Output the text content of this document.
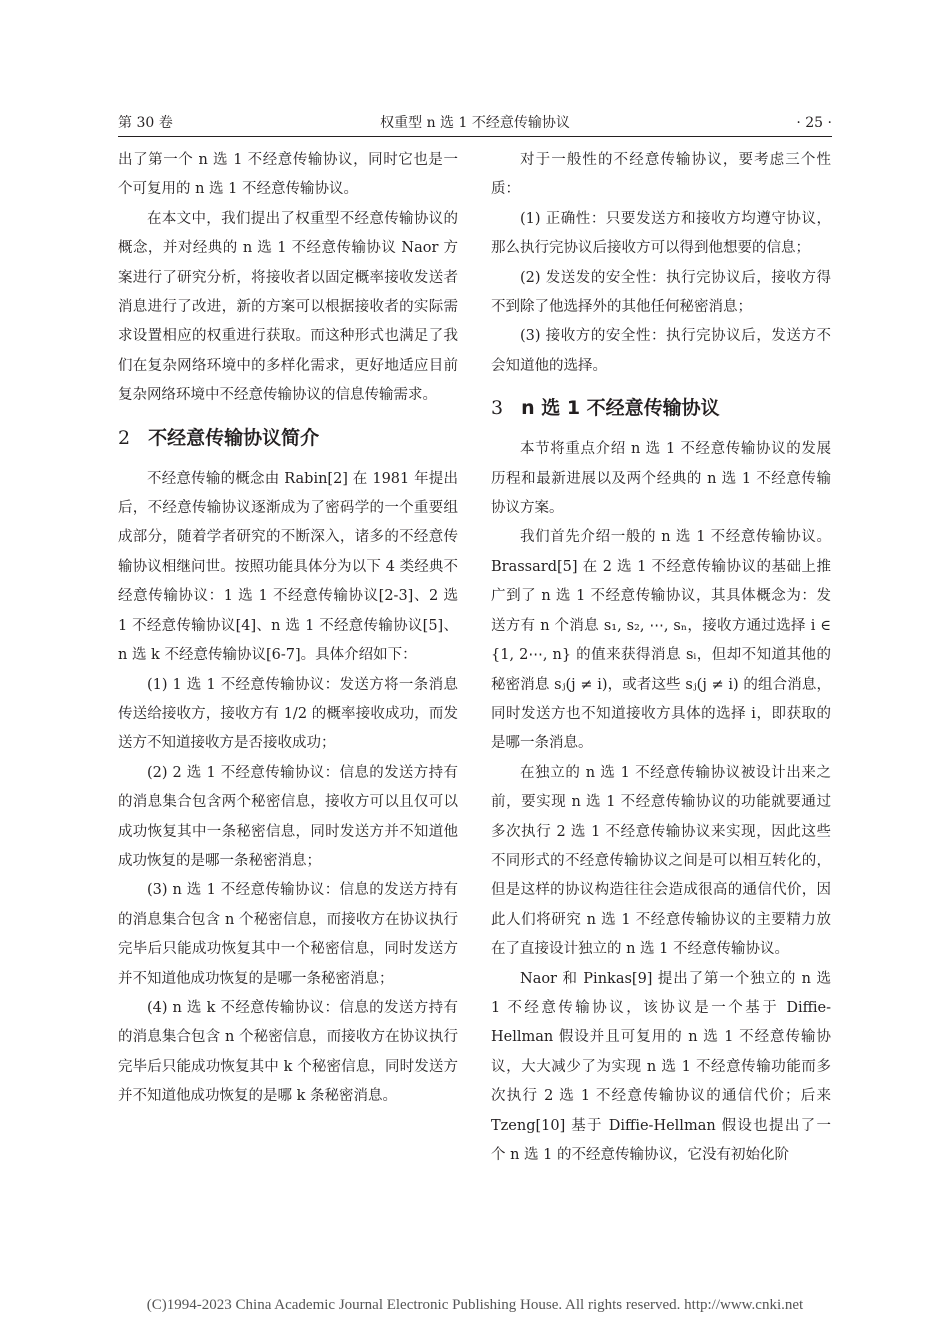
第 30 卷	权重型 n 选 1 不经意传输协议	· 25 ·

出了第一个 n 选 1 不经意传输协议，同时它也是一个可复用的 n 选 1 不经意传输协议。

在本文中，我们提出了权重型不经意传输协议的概念，并对经典的 n 选 1 不经意传输协议 Naor 方案进行了研究分析，将接收者以固定概率接收发送者消息进行了改进，新的方案可以根据接收者的实际需求设置相应的权重进行获取。而这种形式也满足了我们在复杂网络环境中的多样化需求，更好地适应目前复杂网络环境中不经意传输协议的信息传输需求。

2 不经意传输协议简介

不经意传输的概念由 Rabin[2] 在 1981 年提出后，不经意传输协议逐渐成为了密码学的一个重要组成部分，随着学者研究的不断深入，诸多的不经意传输协议相继问世。按照功能具体分为以下 4 类经典不经意传输协议：1 选 1 不经意传输协议[2-3]、2 选 1 不经意传输协议[4]、n 选 1 不经意传输协议[5]、n 选 k 不经意传输协议[6-7]。具体介绍如下：

(1) 1 选 1 不经意传输协议：发送方将一条消息传送给接收方，接收方有 1/2 的概率接收成功，而发送方不知道接收方是否接收成功；

(2) 2 选 1 不经意传输协议：信息的发送方持有的消息集合包含两个秘密信息，接收方可以且仅可以成功恢复其中一条秘密信息，同时发送方并不知道他成功恢复的是哪一条秘密消息；

(3) n 选 1 不经意传输协议：信息的发送方持有的消息集合包含 n 个秘密信息，而接收方在协议执行完毕后只能成功恢复其中一个秘密信息，同时发送方并不知道他成功恢复的是哪一条秘密消息；

(4) n 选 k 不经意传输协议：信息的发送方持有的消息集合包含 n 个秘密信息，而接收方在协议执行完毕后只能成功恢复其中 k 个秘密信息，同时发送方并不知道他成功恢复的是哪 k 条秘密消息。

对于一般性的不经意传输协议，要考虑三个性质：

(1) 正确性：只要发送方和接收方均遵守协议，那么执行完协议后接收方可以得到他想要的信息；

(2) 发送发的安全性：执行完协议后，接收方得不到除了他选择外的其他任何秘密消息；

(3) 接收方的安全性：执行完协议后，发送方不会知道他的选择。

3 n 选 1 不经意传输协议

本节将重点介绍 n 选 1 不经意传输协议的发展历程和最新进展以及两个经典的 n 选 1 不经意传输协议方案。

我们首先介绍一般的 n 选 1 不经意传输协议。Brassard[5] 在 2 选 1 不经意传输协议的基础上推广到了 n 选 1 不经意传输协议，其具体概念为：发送方有 n 个消息 s₁, s₂, ⋯, sₙ，接收方通过选择 i ∈ {1, 2⋯, n} 的值来获得消息 sᵢ，但却不知道其他的秘密消息 sⱼ(j ≠ i)，或者这些 sⱼ(j ≠ i) 的组合消息，同时发送方也不知道接收方具体的选择 i，即获取的是哪一条消息。

在独立的 n 选 1 不经意传输协议被设计出来之前，要实现 n 选 1 不经意传输协议的功能就要通过多次执行 2 选 1 不经意传输协议来实现，因此这些不同形式的不经意传输协议之间是可以相互转化的，但是这样的协议构造往往会造成很高的通信代价，因此人们将研究 n 选 1 不经意传输协议的主要精力放在了直接设计独立的 n 选 1 不经意传输协议。

Naor 和 Pinkas[9] 提出了第一个独立的 n 选 1 不经意传输协议，该协议是一个基于 Diffie-Hellman 假设并且可复用的 n 选 1 不经意传输协议，大大减少了为实现 n 选 1 不经意传输功能而多次执行 2 选 1 不经意传输协议的通信代价；后来 Tzeng[10] 基于 Diffie-Hellman 假设也提出了一个 n 选 1 的不经意传输协议，它没有初始化阶

(C)1994-2023 China Academic Journal Electronic Publishing House. All rights reserved. http://www.cnki.net
